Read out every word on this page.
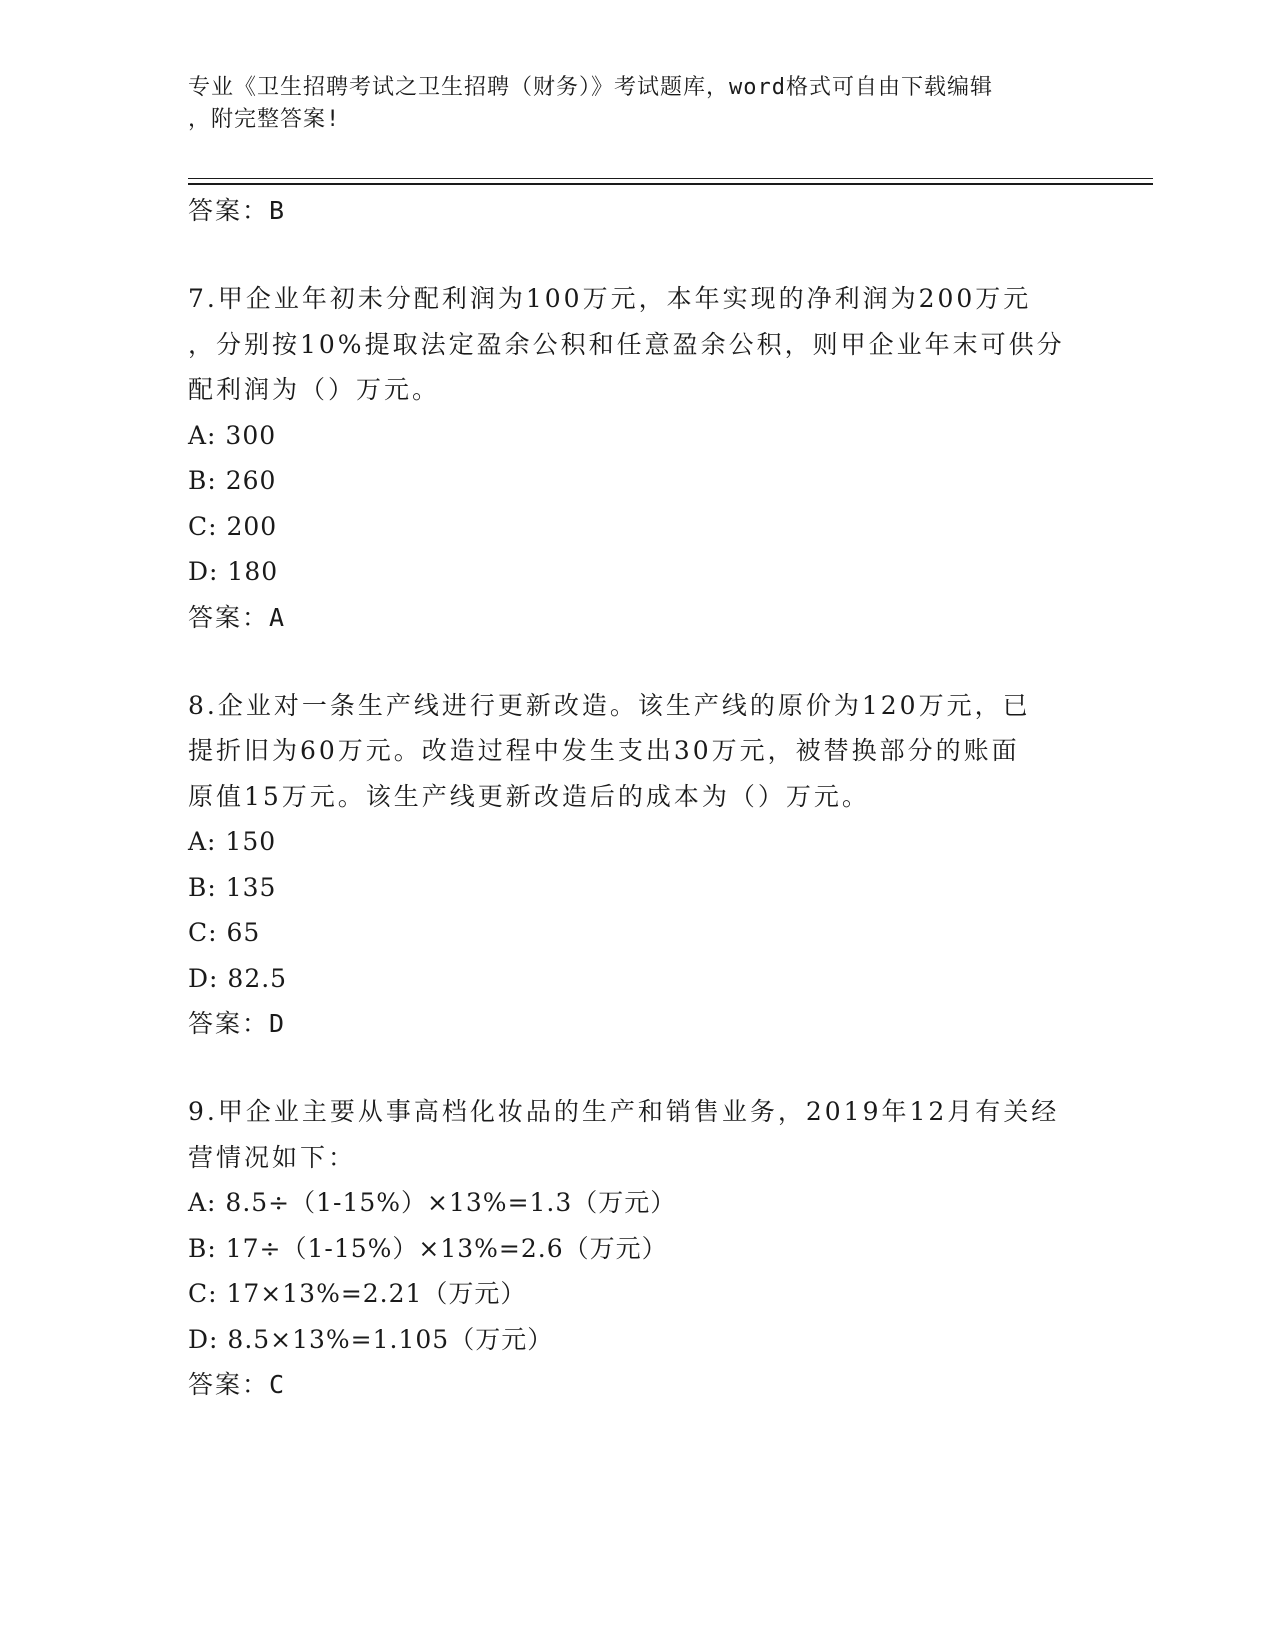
专业《卫生招聘考试之卫生招聘（财务）》考试题库，word格式可自由下载编辑
，附完整答案!
答案：B
7.甲企业年初未分配利润为100万元，本年实现的净利润为200万元
，分别按10%提取法定盈余公积和任意盈余公积，则甲企业年末可供分
配利润为（）万元。
A: 300
B: 260
C: 200
D: 180
答案：A
8.企业对一条生产线进行更新改造。该生产线的原价为120万元，已
提折旧为60万元。改造过程中发生支出30万元，被替换部分的账面
原值15万元。该生产线更新改造后的成本为（）万元。
A: 150
B: 135
C: 65
D: 82.5
答案：D
9.甲企业主要从事高档化妆品的生产和销售业务，2019年12月有关经
营情况如下：
A: 8.5÷（1-15%）×13%=1.3（万元）
B: 17÷（1-15%）×13%=2.6（万元）
C: 17×13%=2.21（万元）
D: 8.5×13%=1.105（万元）
答案：C
